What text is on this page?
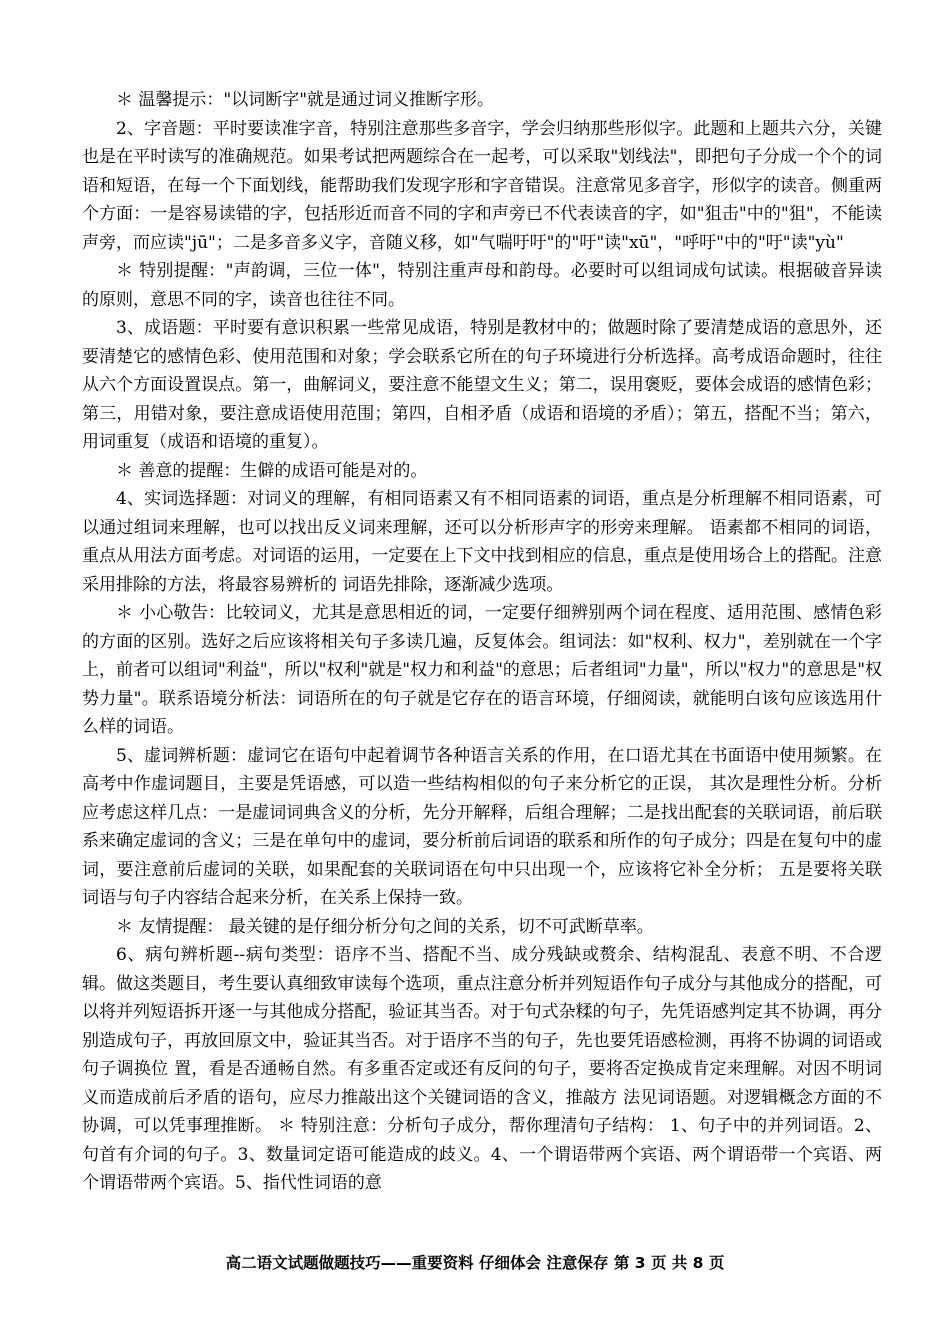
＊ 温馨提示："以词断字"就是通过词义推断字形。

2、字音题：平时要读准字音，特别注意那些多音字，学会归纳那些形似字。此题和上题共六分，关键也是在平时读写的准确规范。如果考试把两题综合在一起考，可以采取"划线法"，即把句子分成一个个的词语和短语，在每一个下面划线，能帮助我们发现字形和字音错误。注意常见多音字，形似字的读音。侧重两个方面：一是容易读错的字，包括形近而音不同的字和声旁已不代表读音的字，如"狙击"中的"狙"，不能读声旁，而应读"jū"；二是多音多义字，音随义移，如"气喘吁吁"的"吁"读"xū"，"呼吁"中的"吁"读"yù"

＊ 特别提醒："声韵调，三位一体"，特别注重声母和韵母。必要时可以组词成句试读。根据破音异读的原则，意思不同的字，读音也往往不同。

3、成语题：平时要有意识积累一些常见成语，特别是教材中的；做题时除了要清楚成语的意思外，还要清楚它的感情色彩、使用范围和对象；学会联系它所在的句子环境进行分析选择。高考成语命题时，往往从六个方面设置误点。第一，曲解词义，要注意不能望文生义；第二，误用褒贬，要体会成语的感情色彩；第三，用错对象，要注意成语使用范围；第四，自相矛盾（成语和语境的矛盾）；第五，搭配不当；第六，用词重复（成语和语境的重复）。

＊ 善意的提醒：生僻的成语可能是对的。

4、实词选择题：对词义的理解，有相同语素又有不相同语素的词语，重点是分析理解不相同语素，可以通过组词来理解，也可以找出反义词来理解，还可以分析形声字的形旁来理解。 语素都不相同的词语，重点从用法方面考虑。对词语的运用，一定要在上下文中找到相应的信息，重点是使用场合上的搭配。注意采用排除的方法，将最容易辨析的 词语先排除，逐渐减少选项。

＊ 小心敬告：比较词义，尤其是意思相近的词，一定要仔细辨别两个词在程度、适用范围、感情色彩的方面的区别。选好之后应该将相关句子多读几遍，反复体会。组词法：如"权利、权力"，差别就在一个字上，前者可以组词"利益"，所以"权利"就是"权力和利益"的意思；后者组词"力量"，所以"权力"的意思是"权势力量"。联系语境分析法：词语所在的句子就是它存在的语言环境，仔细阅读，就能明白该句应该选用什么样的词语。

5、虚词辨析题：虚词它在语句中起着调节各种语言关系的作用，在口语尤其在书面语中使用频繁。在高考中作虚词题目，主要是凭语感，可以造一些结构相似的句子来分析它的正误， 其次是理性分析。分析应考虑这样几点：一是虚词词典含义的分析，先分开解释，后组合理解；二是找出配套的关联词语，前后联系来确定虚词的含义；三是在单句中的虚词，要分析前后词语的联系和所作的句子成分；四是在复句中的虚词，要注意前后虚词的关联，如果配套的关联词语在句中只出现一个，应该将它补全分析； 五是要将关联词语与句子内容结合起来分析，在关系上保持一致。

＊ 友情提醒： 最关键的是仔细分析分句之间的关系，切不可武断草率。

6、病句辨析题--病句类型：语序不当、搭配不当、成分残缺或赘余、结构混乱、表意不明、不合逻辑。做这类题目，考生要认真细致审读每个选项，重点注意分析并列短语作句子成分与其他成分的搭配，可以将并列短语拆开逐一与其他成分搭配，验证其当否。对于句式杂糅的句子，先凭语感判定其不协调，再分别造成句子，再放回原文中，验证其当否。对于语序不当的句子，先也要凭语感检测，再将不协调的词语或句子调换位 置，看是否通畅自然。有多重否定或还有反问的句子，要将否定换成肯定来理解。对因不明词义而造成前后矛盾的语句，应尽力推敲出这个关键词语的含义，推敲方 法见词语题。对逻辑概念方面的不协调，可以凭事理推断。 ＊ 特别注意：分析句子成分，帮你理清句子结构： 1、句子中的并列词语。2、句首有介词的句子。3、数量词定语可能造成的歧义。4、一个谓语带两个宾语、两个谓语带一个宾语、两个谓语带两个宾语。5、指代性词语的意

高二语文试题做题技巧——重要资料 仔细体会 注意保存 第 3 页 共 8 页
